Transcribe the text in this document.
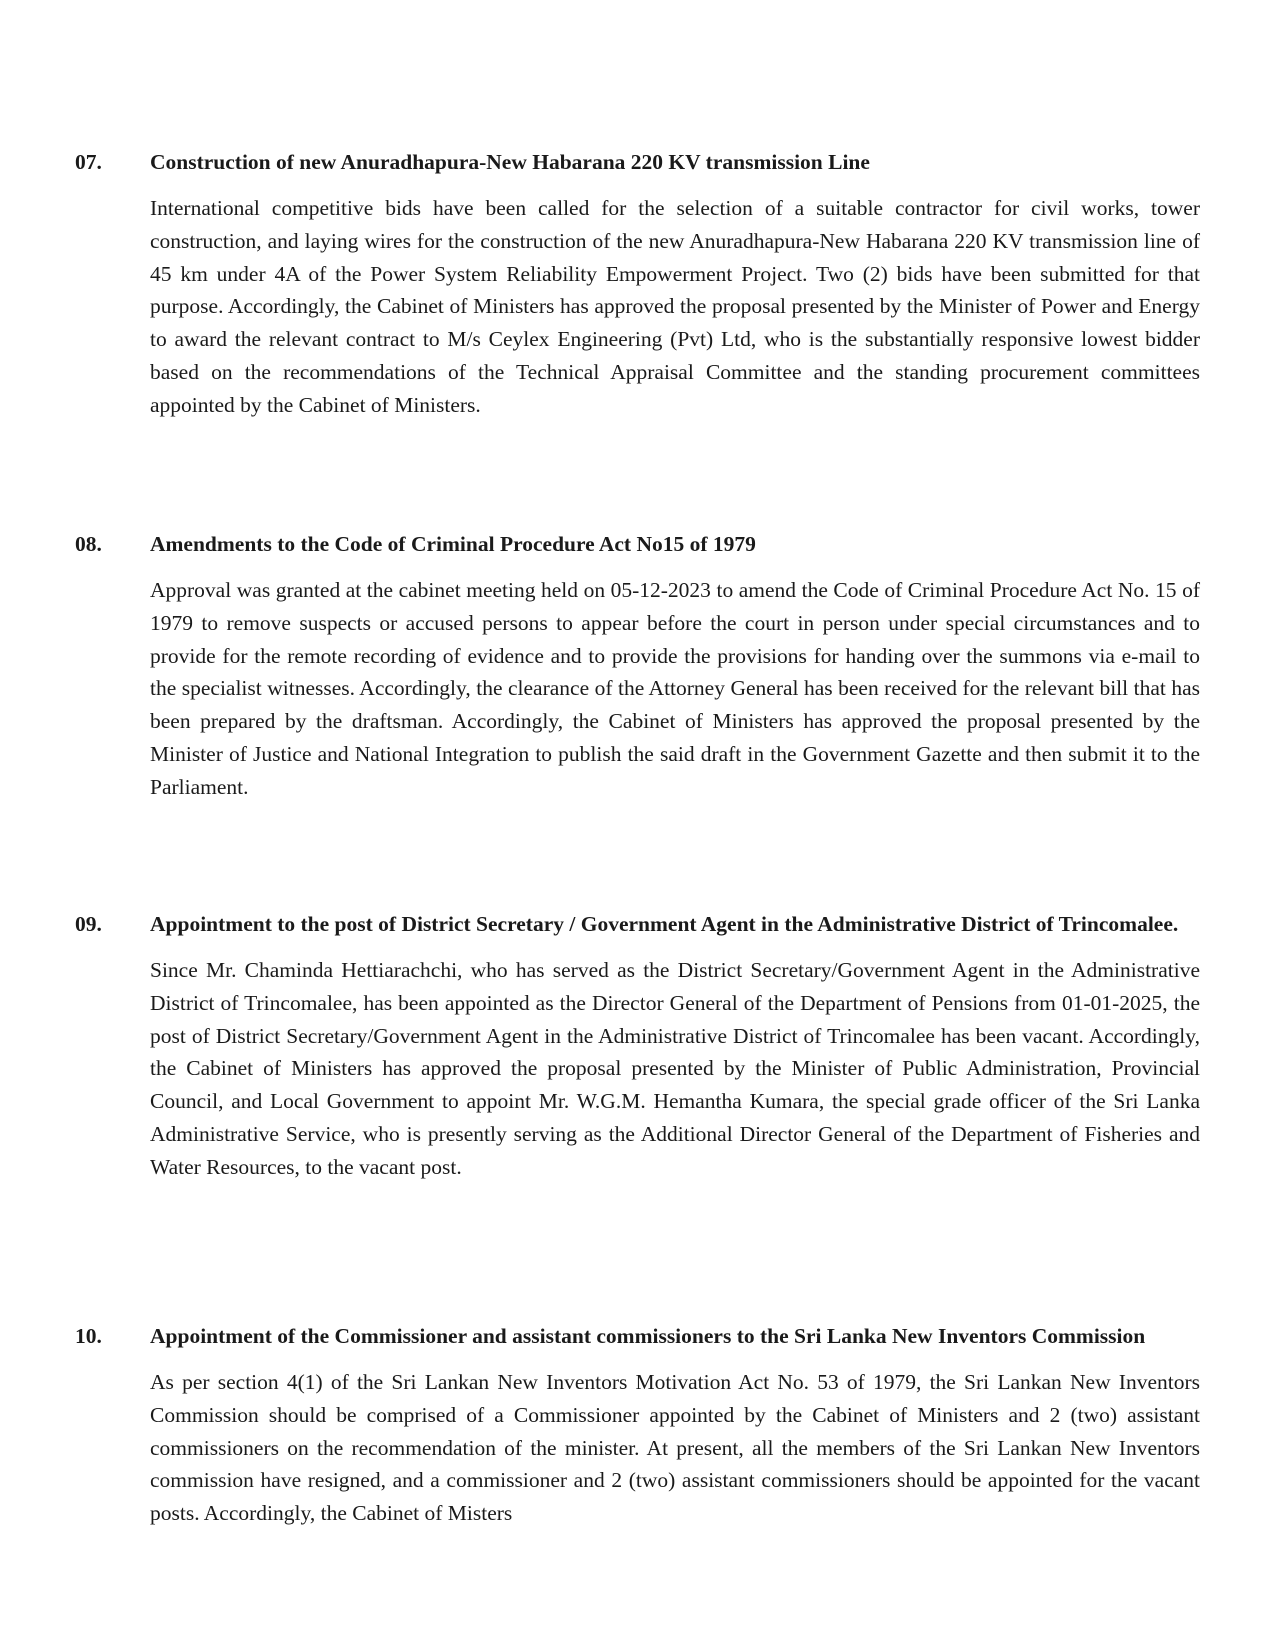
07.	Construction of new Anuradhapura-New Habarana 220 KV transmission Line
International competitive bids have been called for the selection of a suitable contractor for civil works, tower construction, and laying wires for the construction of the new Anuradhapura-New Habarana 220 KV transmission line of 45 km under 4A of the Power System Reliability Empowerment Project. Two (2) bids have been submitted for that purpose. Accordingly, the Cabinet of Ministers has approved the proposal presented by the Minister of Power and Energy to award the relevant contract to M/s Ceylex Engineering (Pvt) Ltd, who is the substantially responsive lowest bidder based on the recommendations of the Technical Appraisal Committee and the standing procurement committees appointed by the Cabinet of Ministers.
08.	Amendments to the Code of Criminal Procedure Act No15 of 1979
Approval was granted at the cabinet meeting held on 05-12-2023 to amend the Code of Criminal Procedure Act No. 15 of 1979 to remove suspects or accused persons to appear before the court in person under special circumstances and to provide for the remote recording of evidence and to provide the provisions for handing over the summons via e-mail to the specialist witnesses. Accordingly, the clearance of the Attorney General has been received for the relevant bill that has been prepared by the draftsman. Accordingly, the Cabinet of Ministers has approved the proposal presented by the Minister of Justice and National Integration to publish the said draft in the Government Gazette and then submit it to the Parliament.
09.	Appointment to the post of District Secretary / Government Agent in the Administrative District of Trincomalee.
Since Mr. Chaminda Hettiarachchi, who has served as the District Secretary/Government Agent in the Administrative District of Trincomalee, has been appointed as the Director General of the Department of Pensions from 01-01-2025, the post of District Secretary/Government Agent in the Administrative District of Trincomalee has been vacant. Accordingly, the Cabinet of Ministers has approved the proposal presented by the Minister of Public Administration, Provincial Council, and Local Government to appoint Mr. W.G.M. Hemantha Kumara, the special grade officer of the Sri Lanka Administrative Service, who is presently serving as the Additional Director General of the Department of Fisheries and Water Resources, to the vacant post.
10.	Appointment of the Commissioner and assistant commissioners to the Sri Lanka New Inventors Commission
As per section 4(1) of the Sri Lankan New Inventors Motivation Act No. 53 of 1979, the Sri Lankan New Inventors Commission should be comprised of a Commissioner appointed by the Cabinet of Ministers and 2 (two) assistant commissioners on the recommendation of the minister. At present, all the members of the Sri Lankan New Inventors commission have resigned, and a commissioner and 2 (two) assistant commissioners should be appointed for the vacant posts. Accordingly, the Cabinet of Misters
